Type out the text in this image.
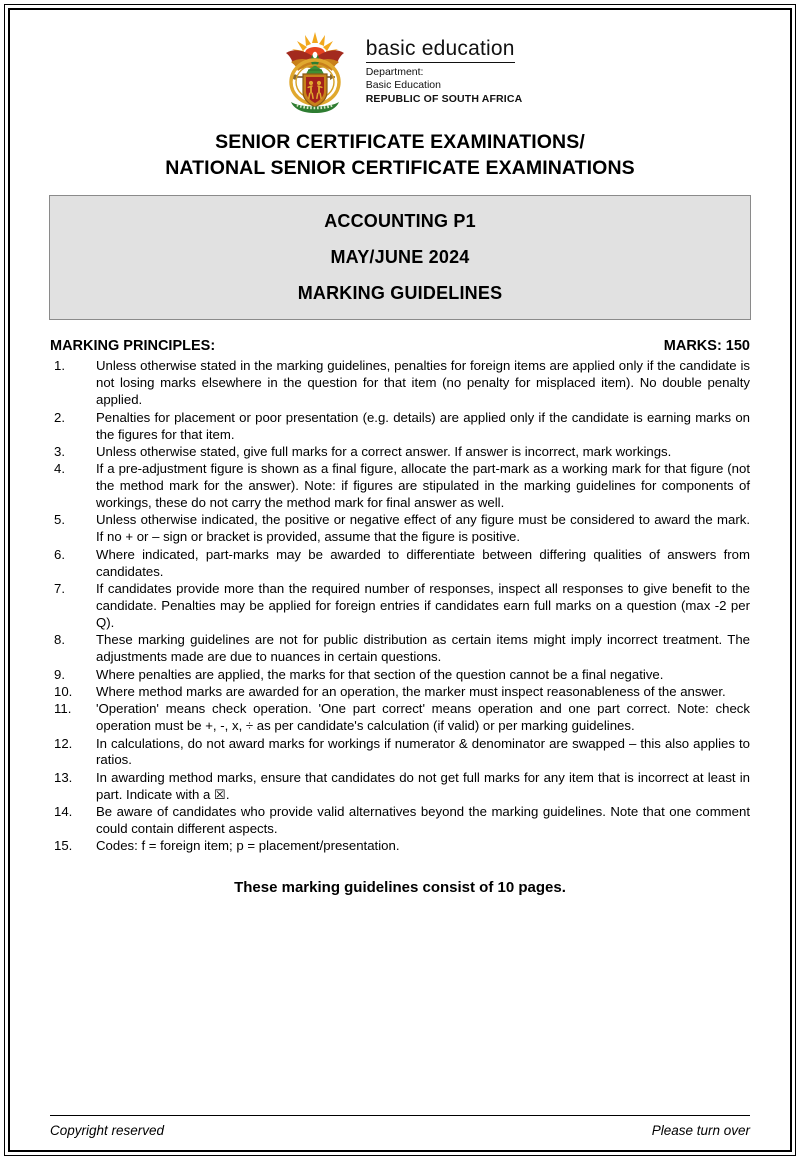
basic education
Department:
Basic Education
REPUBLIC OF SOUTH AFRICA
SENIOR CERTIFICATE EXAMINATIONS/
NATIONAL SENIOR CERTIFICATE EXAMINATIONS
ACCOUNTING P1
MAY/JUNE 2024
MARKING GUIDELINES
MARKING PRINCIPLES:	MARKS: 150
1.	Unless otherwise stated in the marking guidelines, penalties for foreign items are applied only if the candidate is not losing marks elsewhere in the question for that item (no penalty for misplaced item). No double penalty applied.
2.	Penalties for placement or poor presentation (e.g. details) are applied only if the candidate is earning marks on the figures for that item.
3.	Unless otherwise stated, give full marks for a correct answer. If answer is incorrect, mark workings.
4.	If a pre-adjustment figure is shown as a final figure, allocate the part-mark as a working mark for that figure (not the method mark for the answer). Note: if figures are stipulated in the marking guidelines for components of workings, these do not carry the method mark for final answer as well.
5.	Unless otherwise indicated, the positive or negative effect of any figure must be considered to award the mark. If no + or – sign or bracket is provided, assume that the figure is positive.
6.	Where indicated, part-marks may be awarded to differentiate between differing qualities of answers from candidates.
7.	If candidates provide more than the required number of responses, inspect all responses to give benefit to the candidate. Penalties may be applied for foreign entries if candidates earn full marks on a question (max -2 per Q).
8.	These marking guidelines are not for public distribution as certain items might imply incorrect treatment. The adjustments made are due to nuances in certain questions.
9.	Where penalties are applied, the marks for that section of the question cannot be a final negative.
10.	Where method marks are awarded for an operation, the marker must inspect reasonableness of the answer.
11.	'Operation' means check operation. 'One part correct' means operation and one part correct. Note: check operation must be +, -, x, ÷ as per candidate's calculation (if valid) or per marking guidelines.
12.	In calculations, do not award marks for workings if numerator & denominator are swapped – this also applies to ratios.
13.	In awarding method marks, ensure that candidates do not get full marks for any item that is incorrect at least in part. Indicate with a ☒.
14.	Be aware of candidates who provide valid alternatives beyond the marking guidelines. Note that one comment could contain different aspects.
15.	Codes: f = foreign item; p = placement/presentation.
These marking guidelines consist of 10 pages.
Copyright reserved	Please turn over
